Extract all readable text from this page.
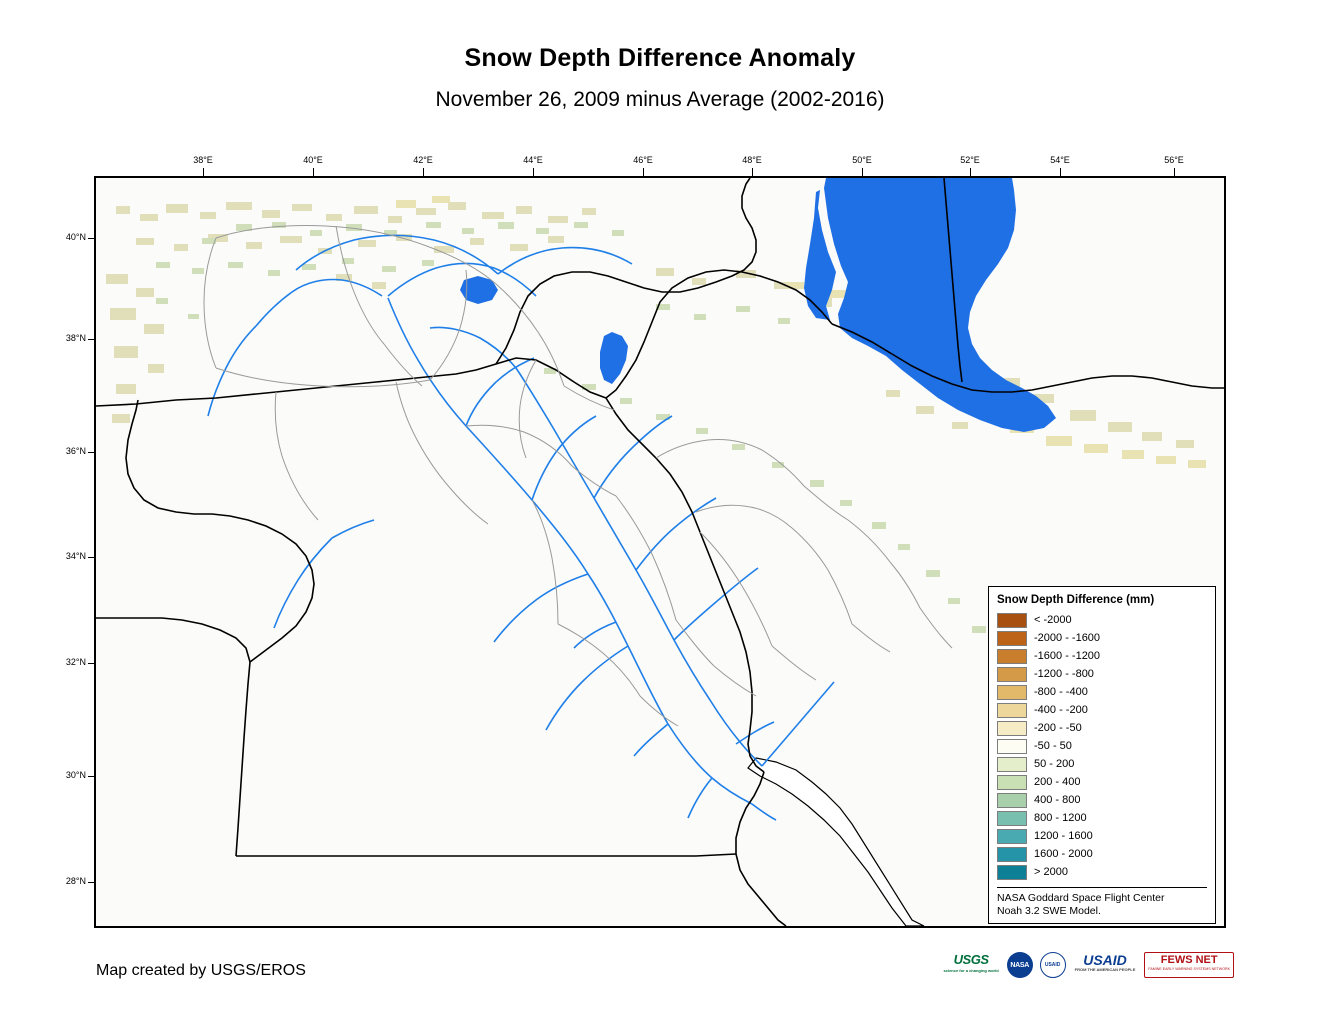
Snow Depth Difference Anomaly
November 26, 2009 minus Average (2002-2016)
38°E	40°E	42°E	44°E	46°E	48°E	50°E	52°E	54°E	56°E
40°N
38°N
36°N
34°N
32°N
30°N
28°N
Snow Depth Difference (mm)
< -2000
-2000 - -1600
-1600 - -1200
-1200 - -800
-800 - -400
-400 - -200
-200 - -50
-50 - 50
50 - 200
200 - 400
400 - 800
800 - 1200
1200 - 1600
1600 - 2000
> 2000
NASA Goddard Space Flight Center
Noah 3.2 SWE Model.
Map created by USGS/EROS
USGS
science for a changing world
NASA	USAID USAID
FROM THE AMERICAN PEOPLE
FEWS NET
FAMINE EARLY WARNING SYSTEMS NETWORK
